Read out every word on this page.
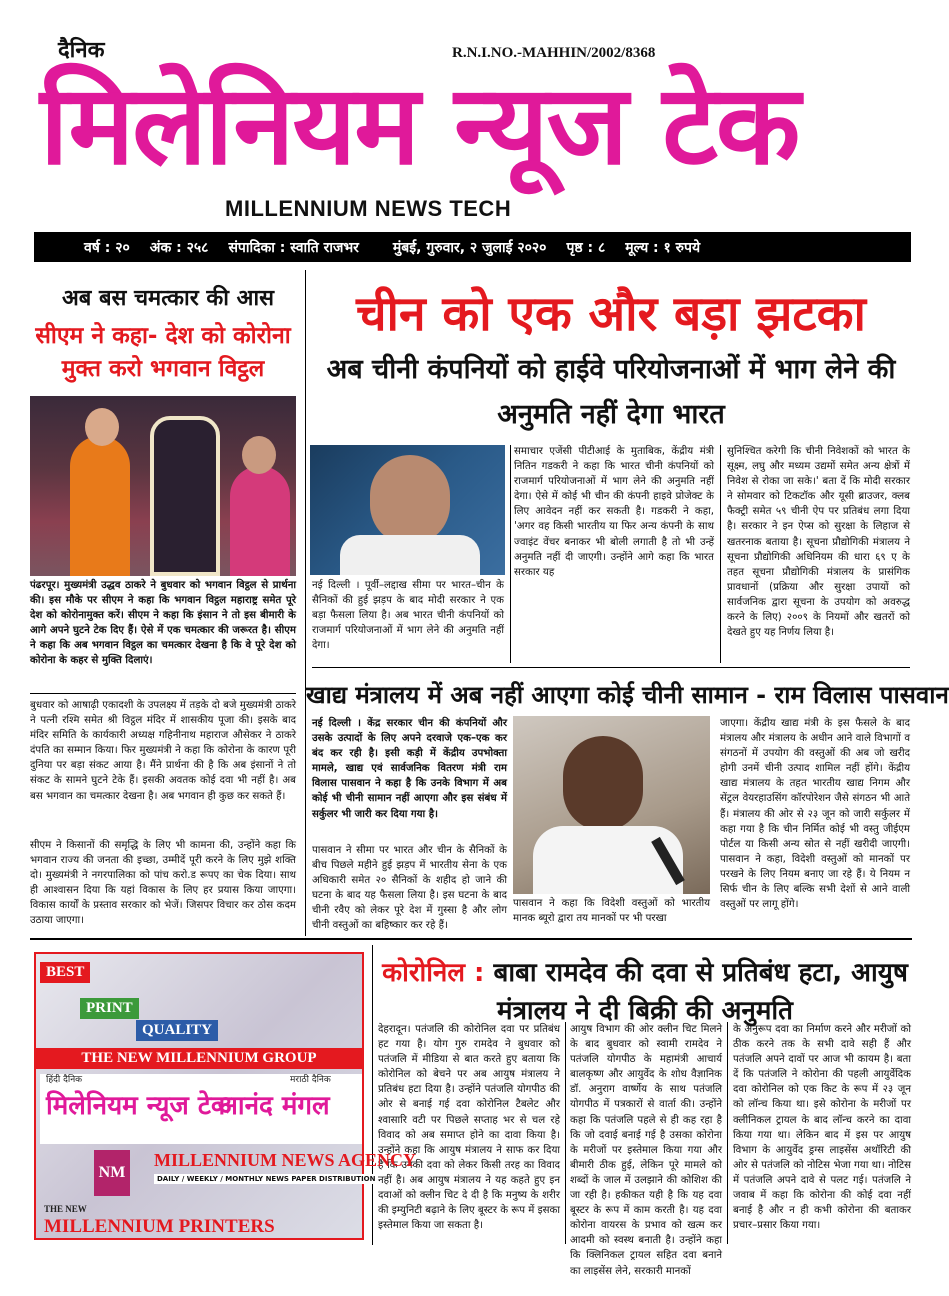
दैनिक	R.N.I.NO.-MAHHIN/2002/8368
मिलेनियम न्यूज टेक
MILLENNIUM NEWS TECH
वर्ष : २० अंक : २५८ संपादिका : स्वाति राजभर मुंबई, गुरुवार, २ जुलाई २०२० पृष्ठ : ८ मूल्य : १ रुपये
अब बस चमत्कार की आस
सीएम ने कहा- देश को कोरोना मुक्त करो भगवान विट्ठल
पंढरपूर। मुख्यमंत्री उद्धव ठाकरे ने बुधवार को भगवान विट्ठल से प्रार्थना की। इस मौके पर सीएम ने कहा कि भगवान विट्ठल महाराष्ट्र समेत पूरे देश को कोरोनामुक्त करें। सीएम ने कहा कि इंसान ने तो इस बीमारी के आगे अपने घुटने टेक दिए हैं। ऐसे में एक चमत्कार की जरूरत है। सीएम ने कहा कि अब भगवान विट्ठल का चमत्कार देखना है कि वे पूरे देश को कोरोना के कहर से मुक्ति दिलाएं।
बुधवार को आषाढ़ी एकादशी के उपलक्ष्य में तड़के दो बजे मुख्यमंत्री ठाकरे ने पत्नी रश्मि समेत श्री विट्ठल मंदिर में शासकीय पूजा की। इसके बाद मंदिर समिति के कार्यकारी अध्यक्ष गहिनीनाथ महाराज औसेकर ने ठाकरे दंपति का सम्मान किया। फिर मुख्यमंत्री ने कहा कि कोरोना के कारण पूरी दुनिया पर बड़ा संकट आया है। मैंने प्रार्थना की है कि अब इंसानों ने तो संकट के सामने घुटने टेके हैं। इसकी अवतक कोई दवा भी नहीं है। अब बस भगवान का चमत्कार देखना है। अब भगवान ही कुछ कर सकते हैं।
सीएम ने किसानों की समृद्धि के लिए भी कामना की, उन्होंने कहा कि भगवान राज्य की जनता की इच्छा, उम्मीदें पूरी करने के लिए मुझे शक्ति दो। मुख्यमंत्री ने नगरपालिका को पांच करो.ड रूपए का चेक दिया। साथ ही आश्वासन दिया कि यहां विकास के लिए हर प्रयास किया जाएगा। विकास कार्यों के प्रस्ताव सरकार को भेजें। जिसपर विचार कर ठोस कदम उठाया जाएगा।
चीन को एक और बड़ा झटका
अब चीनी कंपनियों को हाईवे परियोजनाओं में भाग लेने की अनुमति नहीं देगा भारत
नई दिल्ली । पूर्वी–लद्दाख सीमा पर भारत–चीन के सैनिकों की हुई झड़प के बाद मोदी सरकार ने एक बड़ा फैसला लिया है। अब भारत चीनी कंपनियों को राजमार्ग परियोजनाओं में भाग लेने की अनुमति नहीं देगा।
समाचार एजेंसी पीटीआई के मुताबिक, केंद्रीय मंत्री नितिन गडकरी ने कहा कि भारत चीनी कंपनियों को राजमार्ग परियोजनाओं में भाग लेने की अनुमति नहीं देगा। ऐसे में कोई भी चीन की कंपनी हाइवे प्रोजेक्ट के लिए आवेदन नहीं कर सकती है। गडकरी ने कहा, 'अगर वह किसी भारतीय या फिर अन्य कंपनी के साथ ज्वाइंट वेंचर बनाकर भी बोली लगाती है तो भी उन्हें अनुमति नहीं दी जाएगी। उन्होंने आगे कहा कि भारत सरकार यह
सुनिश्चित करेगी कि चीनी निवेशकों को भारत के सूक्ष्म, लघु और मध्यम उद्यमों समेत अन्य क्षेत्रों में निवेश से रोका जा सके।' बता दें कि मोदी सरकार ने सोमवार को टिकटॉक और यूसी ब्राउजर, क्लब फैक्ट्री समेत ५९ चीनी ऐप पर प्रतिबंध लगा दिया है। सरकार ने इन ऐप्स को सुरक्षा के लिहाज से खतरनाक बताया है। सूचना प्रौद्योगिकी मंत्रालय ने सूचना प्रौद्योगिकी अधिनियम की धारा ६९ ए के तहत सूचना प्रौद्योगिकी मंत्रालय के प्रासंगिक प्रावधानों (प्रक्रिया और सुरक्षा उपायों को सार्वजनिक द्वारा सूचना के उपयोग को अवरुद्ध करने के लिए) २००९ के नियमों और खतरों को देखते हुए यह निर्णय लिया है।
खाद्य मंत्रालय में अब नहीं आएगा कोई चीनी सामान - राम विलास पासवान
नई दिल्ली । केंद्र सरकार चीन की कंपनियों और उसके उत्पादों के लिए अपने दरवाजे एक–एक कर बंद कर रही है। इसी कड़ी में केंद्रीय उपभोक्ता मामले, खाद्य एवं सार्वजनिक वितरण मंत्री राम विलास पासवान ने कहा है कि उनके विभाग में अब कोई भी चीनी सामान नहीं आएगा और इस संबंध में सर्कुलर भी जारी कर दिया गया है।
पासवान ने सीमा पर भारत और चीन के सैनिकों के बीच पिछले महीने हुई झड़प में भारतीय सेना के एक अधिकारी समेत २० सैनिकों के शहीद हो जाने की घटना के बाद यह फैसला लिया है। इस घटना के बाद चीनी रवैए को लेकर पूरे देश में गुस्सा है और लोग चीनी वस्तुओं का बहिष्कार कर रहे हैं।
पासवान ने कहा कि विदेशी वस्तुओं को भारतीय मानक ब्यूरो द्वारा तय मानकों पर भी परखा
जाएगा। केंद्रीय खाद्य मंत्री के इस फैसले के बाद मंत्रालय और मंत्रालय के अधीन आने वाले विभागों व संगठनों में उपयोग की वस्तुओं की अब जो खरीद होगी उनमें चीनी उत्पाद शामिल नहीं होंगे। केंद्रीय खाद्य मंत्रालय के तहत भारतीय खाद्य निगम और सेंट्रल वेयरहाउसिंग कॉरपोरेशन जैसे संगठन भी आते हैं। मंत्रालय की ओर से २३ जून को जारी सर्कुलर में कहा गया है कि चीन निर्मित कोई भी वस्तु जीईएम पोर्टल या किसी अन्य स्रोत से नहीं खरीदी जाएगी। पासवान ने कहा, विदेशी वस्तुओं को मानकों पर परखने के लिए नियम बनाए जा रहे हैं। ये नियम न सिर्फ चीन के लिए बल्कि सभी देशों से आने वाली वस्तुओं पर लागू होंगे।
कोरोनिल : बाबा रामदेव की दवा से प्रतिबंध हटा, आयुष मंत्रालय ने दी बिक्री की अनुमति
देहरादून। पतंजलि की कोरोनिल दवा पर प्रतिबंध हट गया है। योग गुरु रामदेव ने बुधवार को पतंजलि में मीडिया से बात करते हुए बताया कि कोरोनिल को बेचने पर अब आयुष मंत्रालय ने प्रतिबंध हटा दिया है। उन्होंने पतंजलि योगपीठ की ओर से बनाई गई दवा कोरोनिल टैबलेट और श्वासारि वटी पर पिछले सप्ताह भर से चल रहे विवाद को अब समाप्त होने का दावा किया है। उन्होंने कहा कि आयुष मंत्रालय ने साफ कर दिया है कि उनकी दवा को लेकर किसी तरह का विवाद नहीं है। अब आयुष मंत्रालय ने यह कहते हुए इन दवाओं को क्लीन चिट दे दी है कि मनुष्य के शरीर की इम्युनिटी बढ़ाने के लिए बूस्टर के रूप में इसका इस्तेमाल किया जा सकता है।
आयुष विभाग की ओर क्लीन चिट मिलने के बाद बुधवार को स्वामी रामदेव ने पतंजलि योगपीठ के महामंत्री आचार्य बालकृष्ण और आयुर्वेद के शोध वैज्ञानिक डॉ. अनुराग वार्ष्णेय के साथ पतंजलि योगपीठ में पत्रकारों से वार्ता की। उन्होंने कहा कि पतंजलि पहले से ही कह रहा है कि जो दवाई बनाई गई है उसका कोरोना के मरीजों पर इस्तेमाल किया गया और बीमारी ठीक हुई, लेकिन पूरे मामले को शब्दों के जाल में उलझाने की कोशिश की जा रही है। हकीकत यही है कि यह दवा बूस्टर के रूप में काम करती है। यह दवा कोरोना वायरस के प्रभाव को खत्म कर आदमी को स्वस्थ बनाती है। उन्होंने कहा कि क्लिनिकल ट्रायल सहित दवा बनाने का लाइसेंस लेने, सरकारी मानकों
के अनुरूप दवा का निर्माण करने और मरीजों को ठीक करने तक के सभी दावे सही हैं और पतंजलि अपने दावों पर आज भी कायम है। बता दें कि पतंजलि ने कोरोना की पहली आयुर्वेदिक दवा कोरोनिल को एक किट के रूप में २३ जून को लॉन्च किया था। इसे कोरोना के मरीजों पर क्लीनिकल ट्रायल के बाद लॉन्च करने का दावा किया गया था। लेकिन बाद में इस पर आयुष विभाग के आयुर्वेद ड्रग्स लाइसेंस अथॉरिटी की ओर से पतंजलि को नोटिस भेजा गया था। नोटिस में पतंजलि अपने दावे से पलट गई। पतंजलि ने जवाब में कहा कि कोरोना की कोई दवा नहीं बनाई है और न ही कभी कोरोना की बताकर प्रचार–प्रसार किया गया।
BEST
PRINT
QUALITY
THE NEW MILLENNIUM GROUP
हिंदी दैनिक
मिलेनियम न्यूज टेक
मराठी दैनिक
आनंद मंगल
NM
MILLENNIUM NEWS AGENCY
DAILY / WEEKLY / MONTHLY NEWS PAPER DISTRIBUTION
THE NEW
MILLENNIUM PRINTERS
